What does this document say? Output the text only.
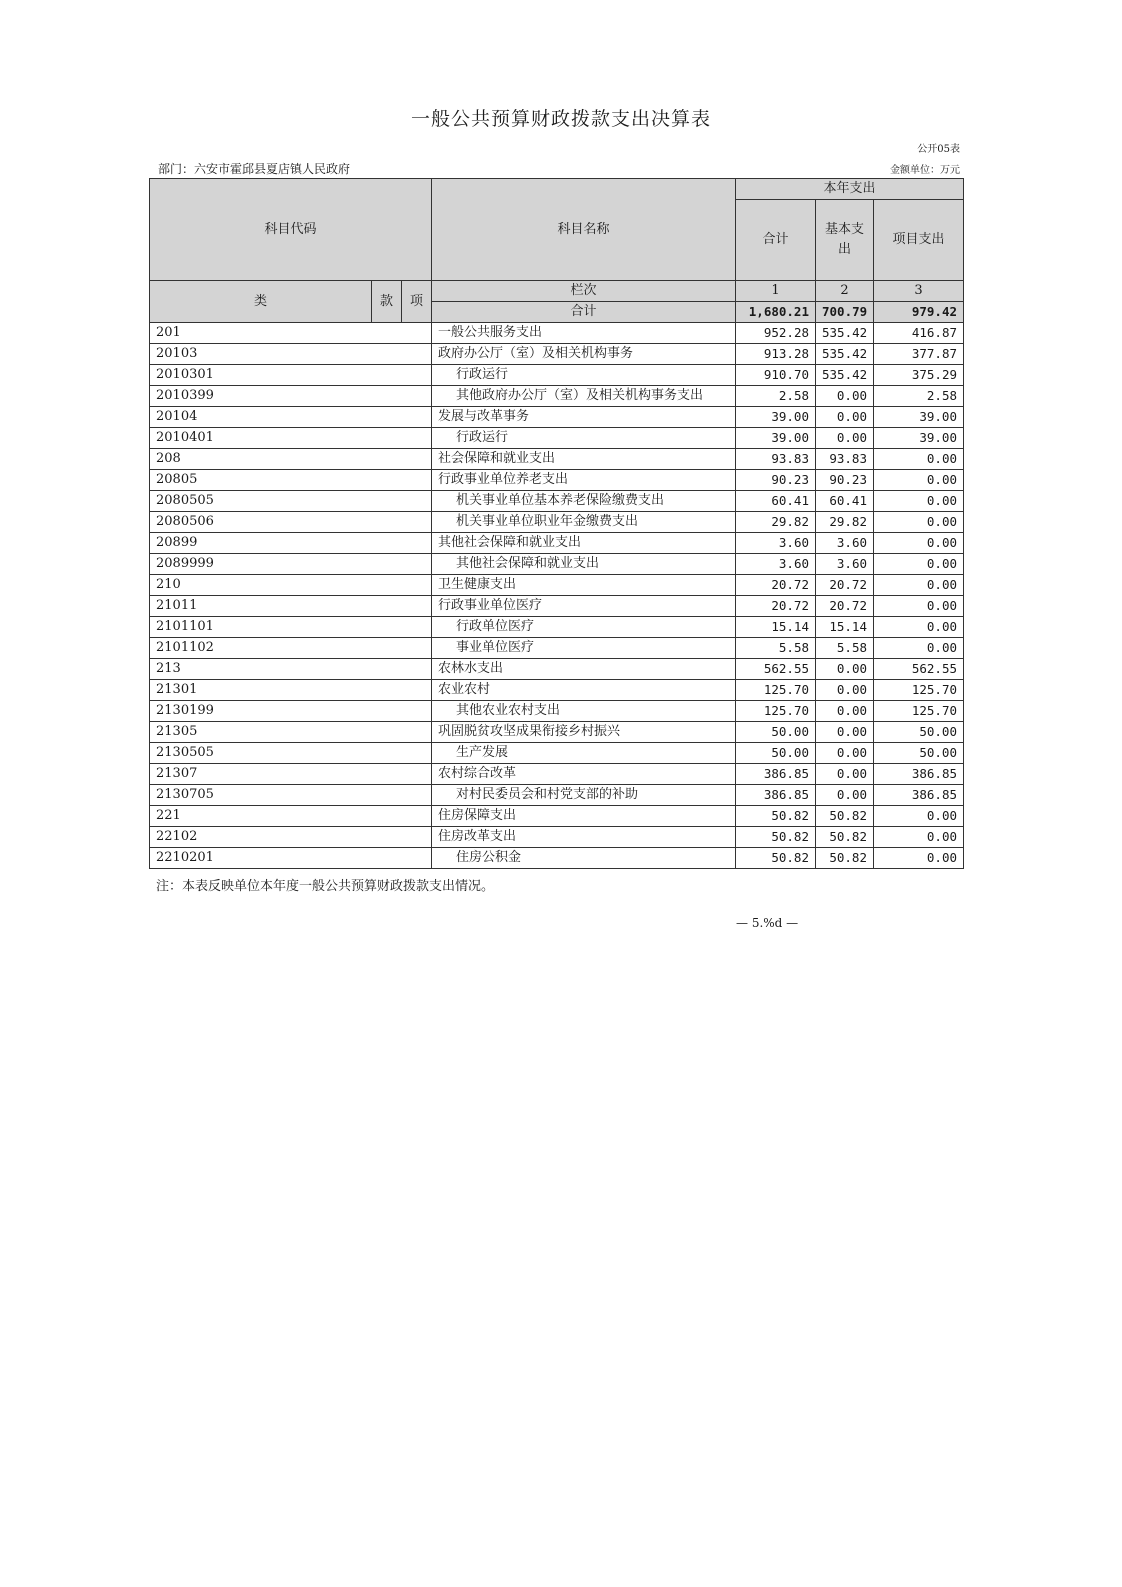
一般公共预算财政拨款支出决算表
公开05表
部门：六安市霍邱县夏店镇人民政府	金额单位：万元
科目代码			科目名称	本年支出		
				合计	基本支出	项目支出

类	款	项	栏次	1	2	3
			合计	1,680.21	700.79	979.42
201			一般公共服务支出	952.28	535.42	416.87
20103			政府办公厅（室）及相关机构事务	913.28	535.42	377.87
2010301			行政运行	910.70	535.42	375.29
2010399			其他政府办公厅（室）及相关机构事务支出	2.58	0.00	2.58
20104			发展与改革事务	39.00	0.00	39.00
2010401			行政运行	39.00	0.00	39.00
208			社会保障和就业支出	93.83	93.83	0.00
20805			行政事业单位养老支出	90.23	90.23	0.00
2080505			机关事业单位基本养老保险缴费支出	60.41	60.41	0.00
2080506			机关事业单位职业年金缴费支出	29.82	29.82	0.00
20899			其他社会保障和就业支出	3.60	3.60	0.00
2089999			其他社会保障和就业支出	3.60	3.60	0.00
210			卫生健康支出	20.72	20.72	0.00
21011			行政事业单位医疗	20.72	20.72	0.00
2101101			行政单位医疗	15.14	15.14	0.00
2101102			事业单位医疗	5.58	5.58	0.00
213			农林水支出	562.55	0.00	562.55
21301			农业农村	125.70	0.00	125.70
2130199			其他农业农村支出	125.70	0.00	125.70
21305			巩固脱贫攻坚成果衔接乡村振兴	50.00	0.00	50.00
2130505			生产发展	50.00	0.00	50.00
21307			农村综合改革	386.85	0.00	386.85
2130705			对村民委员会和村党支部的补助	386.85	0.00	386.85
221			住房保障支出	50.82	50.82	0.00
22102			住房改革支出	50.82	50.82	0.00
2210201			住房公积金	50.82	50.82	0.00
注：本表反映单位本年度一般公共预算财政拨款支出情况。
— 5.%d —
